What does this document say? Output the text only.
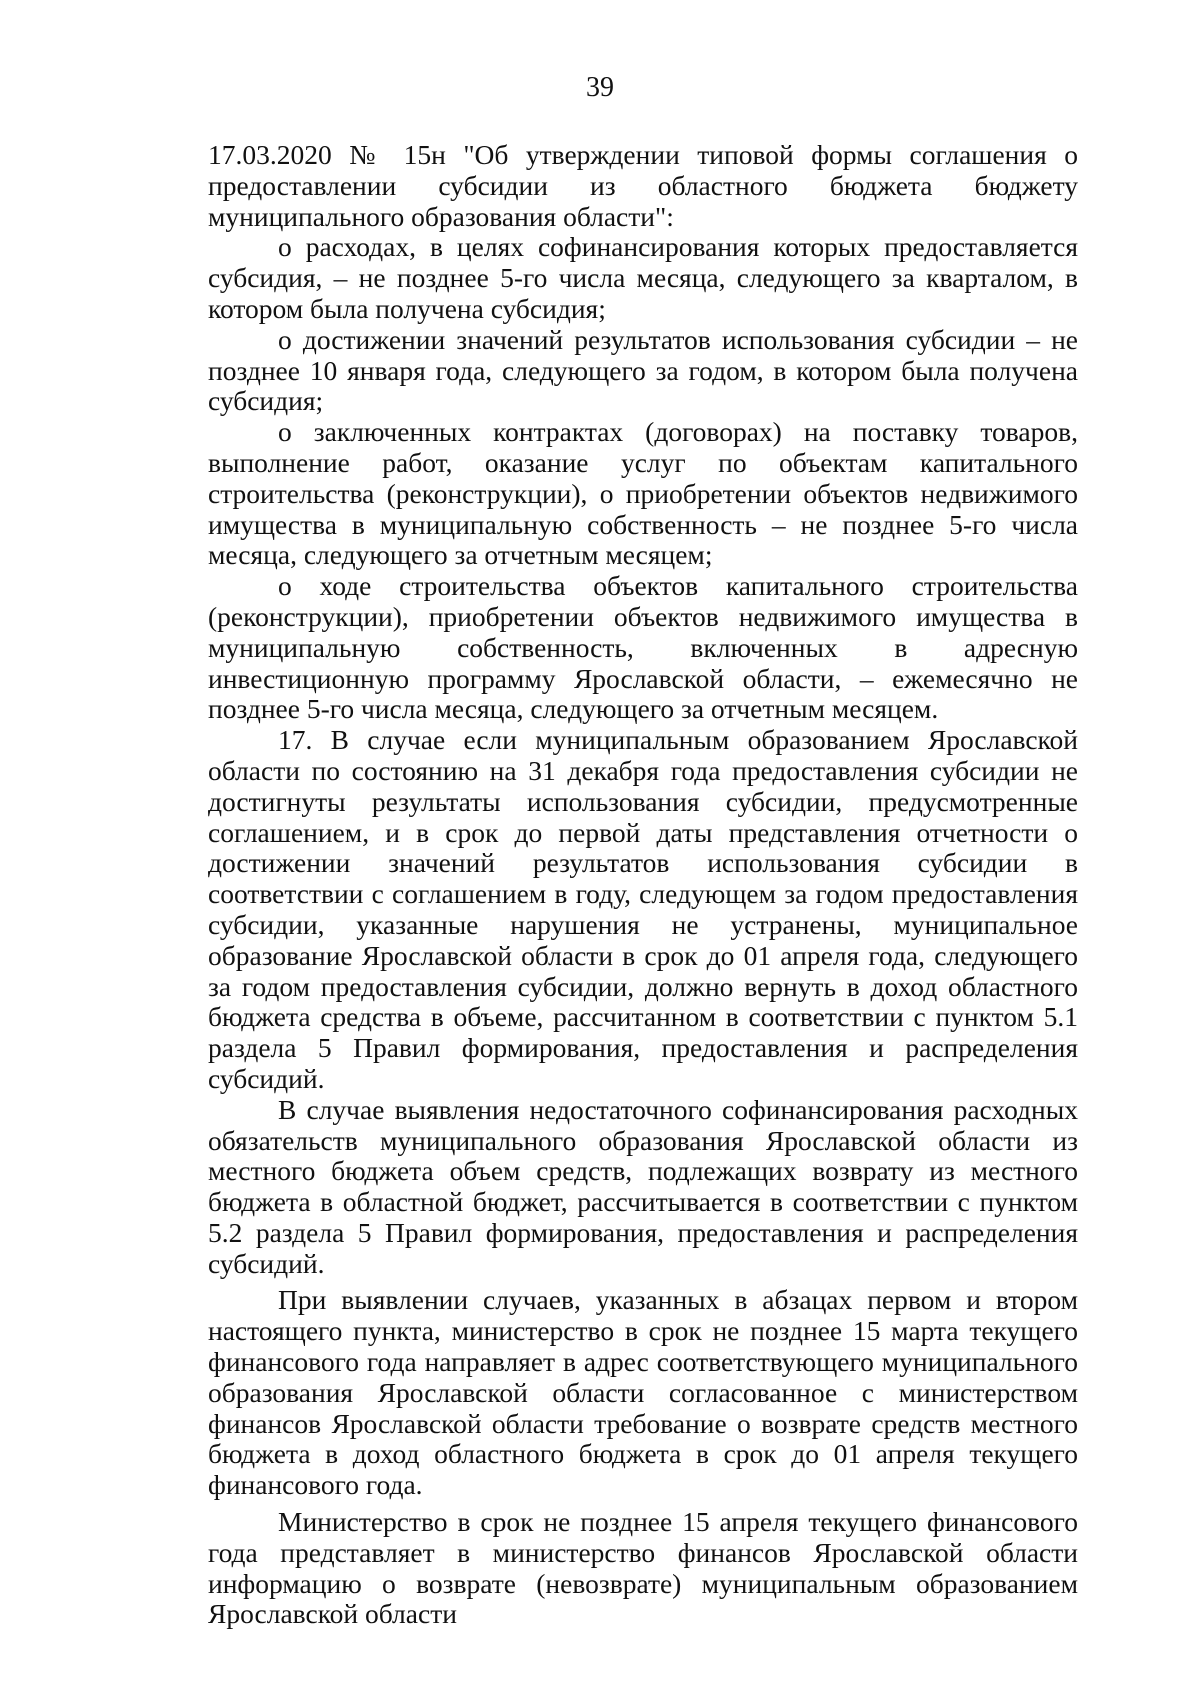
39

17.03.2020 № 15н "Об утверждении типовой формы соглашения о предоставлении субсидии из областного бюджета бюджету муниципального образования области":

о расходах, в целях софинансирования которых предоставляется субсидия, – не позднее 5-го числа месяца, следующего за кварталом, в котором была получена субсидия;

о достижении значений результатов использования субсидии – не позднее 10 января года, следующего за годом, в котором была получена субсидия;

о заключенных контрактах (договорах) на поставку товаров, выполнение работ, оказание услуг по объектам капитального строительства (реконструкции), о приобретении объектов недвижимого имущества в муниципальную собственность – не позднее 5-го числа месяца, следующего за отчетным месяцем;

о ходе строительства объектов капитального строительства (реконструкции), приобретении объектов недвижимого имущества в муниципальную собственность, включенных в адресную инвестиционную программу Ярославской области, – ежемесячно не позднее 5-го числа месяца, следующего за отчетным месяцем.

17. В случае если муниципальным образованием Ярославской области по состоянию на 31 декабря года предоставления субсидии не достигнуты результаты использования субсидии, предусмотренные соглашением, и в срок до первой даты представления отчетности о достижении значений результатов использования субсидии в соответствии с соглашением в году, следующем за годом предоставления субсидии, указанные нарушения не устранены, муниципальное образование Ярославской области в срок до 01 апреля года, следующего за годом предоставления субсидии, должно вернуть в доход областного бюджета средства в объеме, рассчитанном в соответствии с пунктом 5.1 раздела 5 Правил формирования, предоставления и распределения субсидий.

В случае выявления недостаточного софинансирования расходных обязательств муниципального образования Ярославской области из местного бюджета объем средств, подлежащих возврату из местного бюджета в областной бюджет, рассчитывается в соответствии с пунктом 5.2 раздела 5 Правил формирования, предоставления и распределения субсидий.

При выявлении случаев, указанных в абзацах первом и втором настоящего пункта, министерство в срок не позднее 15 марта текущего финансового года направляет в адрес соответствующего муниципального образования Ярославской области согласованное с министерством финансов Ярославской области требование о возврате средств местного бюджета в доход областного бюджета в срок до 01 апреля текущего финансового года.

Министерство в срок не позднее 15 апреля текущего финансового года представляет в министерство финансов Ярославской области информацию о возврате (невозврате) муниципальным образованием Ярославской области
